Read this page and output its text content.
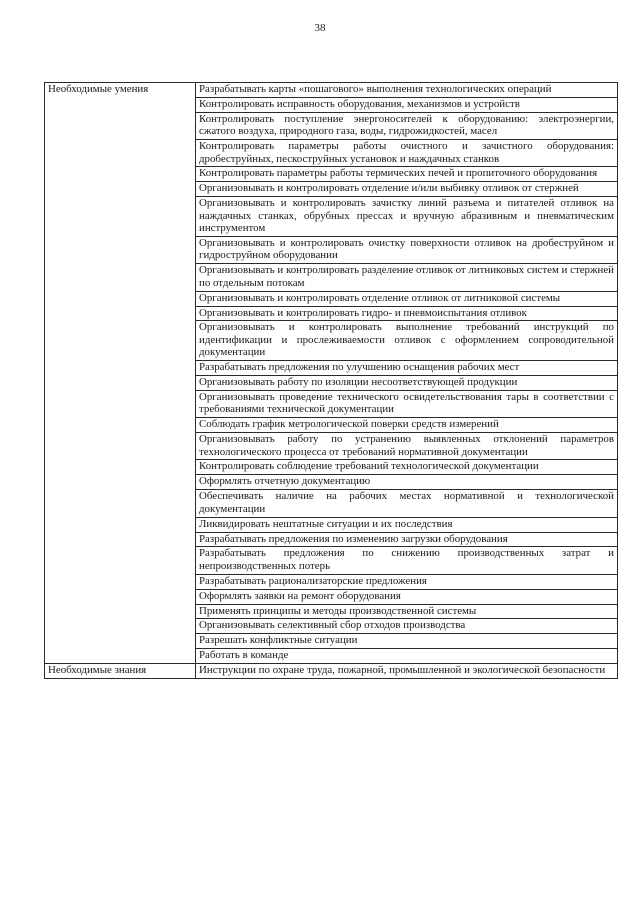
38
Необходимые умения	Разрабатывать карты «пошагового» выполнения технологических операций
	Контролировать исправность оборудования, механизмов и устройств
	Контролировать поступление энергоносителей к оборудованию: электроэнергии, сжатого воздуха, природного газа, воды, гидрожидкостей, масел
	Контролировать параметры работы очистного и зачистного оборудования: дробеструйных, пескоструйных установок и наждачных станков
	Контролировать параметры работы термических печей и пропиточного оборудования
	Организовывать и контролировать отделение и/или выбивку отливок от стержней
	Организовывать и контролировать зачистку линий разъема и питателей отливок на наждачных станках, обрубных прессах и вручную абразивным и пневматическим инструментом
	Организовывать и контролировать очистку поверхности отливок на дробеструйном и гидроструйном оборудовании
	Организовывать и контролировать разделение отливок от литниковых систем и стержней по отдельным потокам
	Организовывать и контролировать отделение отливок от литниковой системы
	Организовывать и контролировать гидро- и пневмоиспытания отливок
	Организовывать и контролировать выполнение требований инструкций по идентификации и прослеживаемости отливок с оформлением сопроводительной документации
	Разрабатывать предложения по улучшению оснащения рабочих мест
	Организовывать работу по изоляции несоответствующей продукции
	Организовывать проведение технического освидетельствования тары в соответствии с требованиями технической документации
	Соблюдать график метрологической поверки средств измерений
	Организовывать работу по устранению выявленных отклонений параметров технологического процесса от требований нормативной документации
	Контролировать соблюдение требований технологической документации
	Оформлять отчетную документацию
	Обеспечивать наличие на рабочих местах нормативной и технологической документации
	Ликвидировать нештатные ситуации и их последствия
	Разрабатывать предложения по изменению загрузки оборудования
	Разрабатывать предложения по снижению производственных затрат и непроизводственных потерь
	Разрабатывать рационализаторские предложения
	Оформлять заявки на ремонт оборудования
	Применять принципы и методы производственной системы
	Организовывать селективный сбор отходов производства
	Разрешать конфликтные ситуации
	Работать в команде
Необходимые знания	Инструкции по охране труда, пожарной, промышленной и экологической безопасности
